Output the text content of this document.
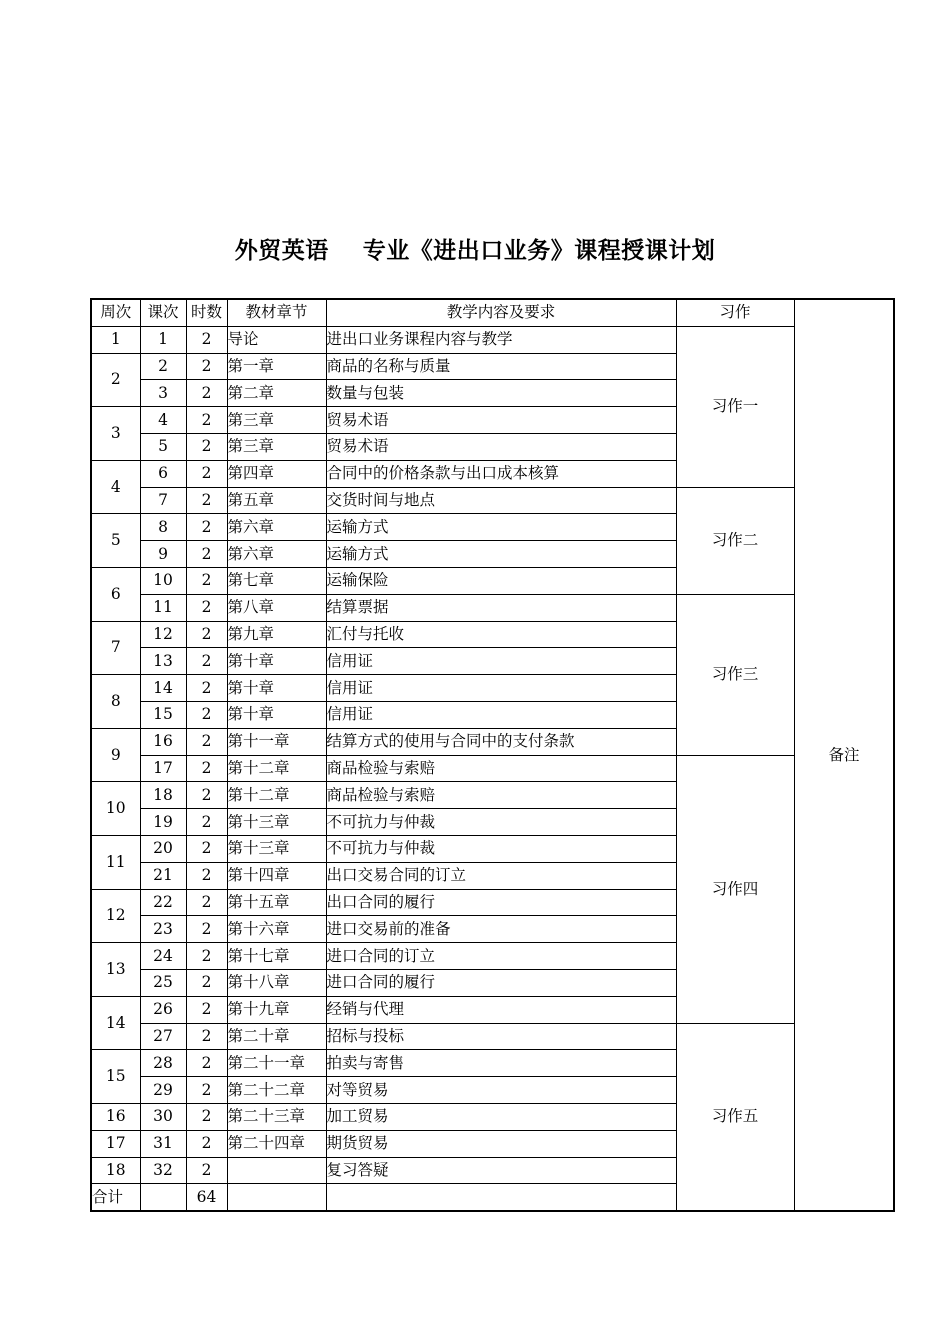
外贸英语    专业《进出口业务》课程授课计划
周次	课次	时数	教材章节	教学内容及要求	习作	备注	
1	1	2	导论	进出口业务课程内容与教学	习作一		
2	2	2	第一章	商品的名称与质量			
	3	2	第二章	数量与包装			
3	4	2	第三章	贸易术语			
	5	2	第三章	贸易术语			
4	6	2	第四章	合同中的价格条款与出口成本核算			
	7	2	第五章	交货时间与地点	习作二		
5	8	2	第六章	运输方式			
	9	2	第六章	运输方式			
6	10	2	第七章	运输保险			
	11	2	第八章	结算票据	习作三		
7	12	2	第九章	汇付与托收			
	13	2	第十章	信用证			
8	14	2	第十章	信用证			
	15	2	第十章	信用证			
9	16	2	第十一章	结算方式的使用与合同中的支付条款			
	17	2	第十二章	商品检验与索赔	习作四		
10	18	2	第十二章	商品检验与索赔			
	19	2	第十三章	不可抗力与仲裁			
11	20	2	第十三章	不可抗力与仲裁			
	21	2	第十四章	出口交易合同的订立			
12	22	2	第十五章	出口合同的履行			
	23	2	第十六章	进口交易前的准备			
13	24	2	第十七章	进口合同的订立			
	25	2	第十八章	进口合同的履行			
14	26	2	第十九章	经销与代理			
	27	2	第二十章	招标与投标	习作五		
15	28	2	第二十一章	拍卖与寄售			
	29	2	第二十二章	对等贸易			
16	30	2	第二十三章	加工贸易			
17	31	2	第二十四章	期货贸易			
18	32	2		复习答疑			
合计		64					
